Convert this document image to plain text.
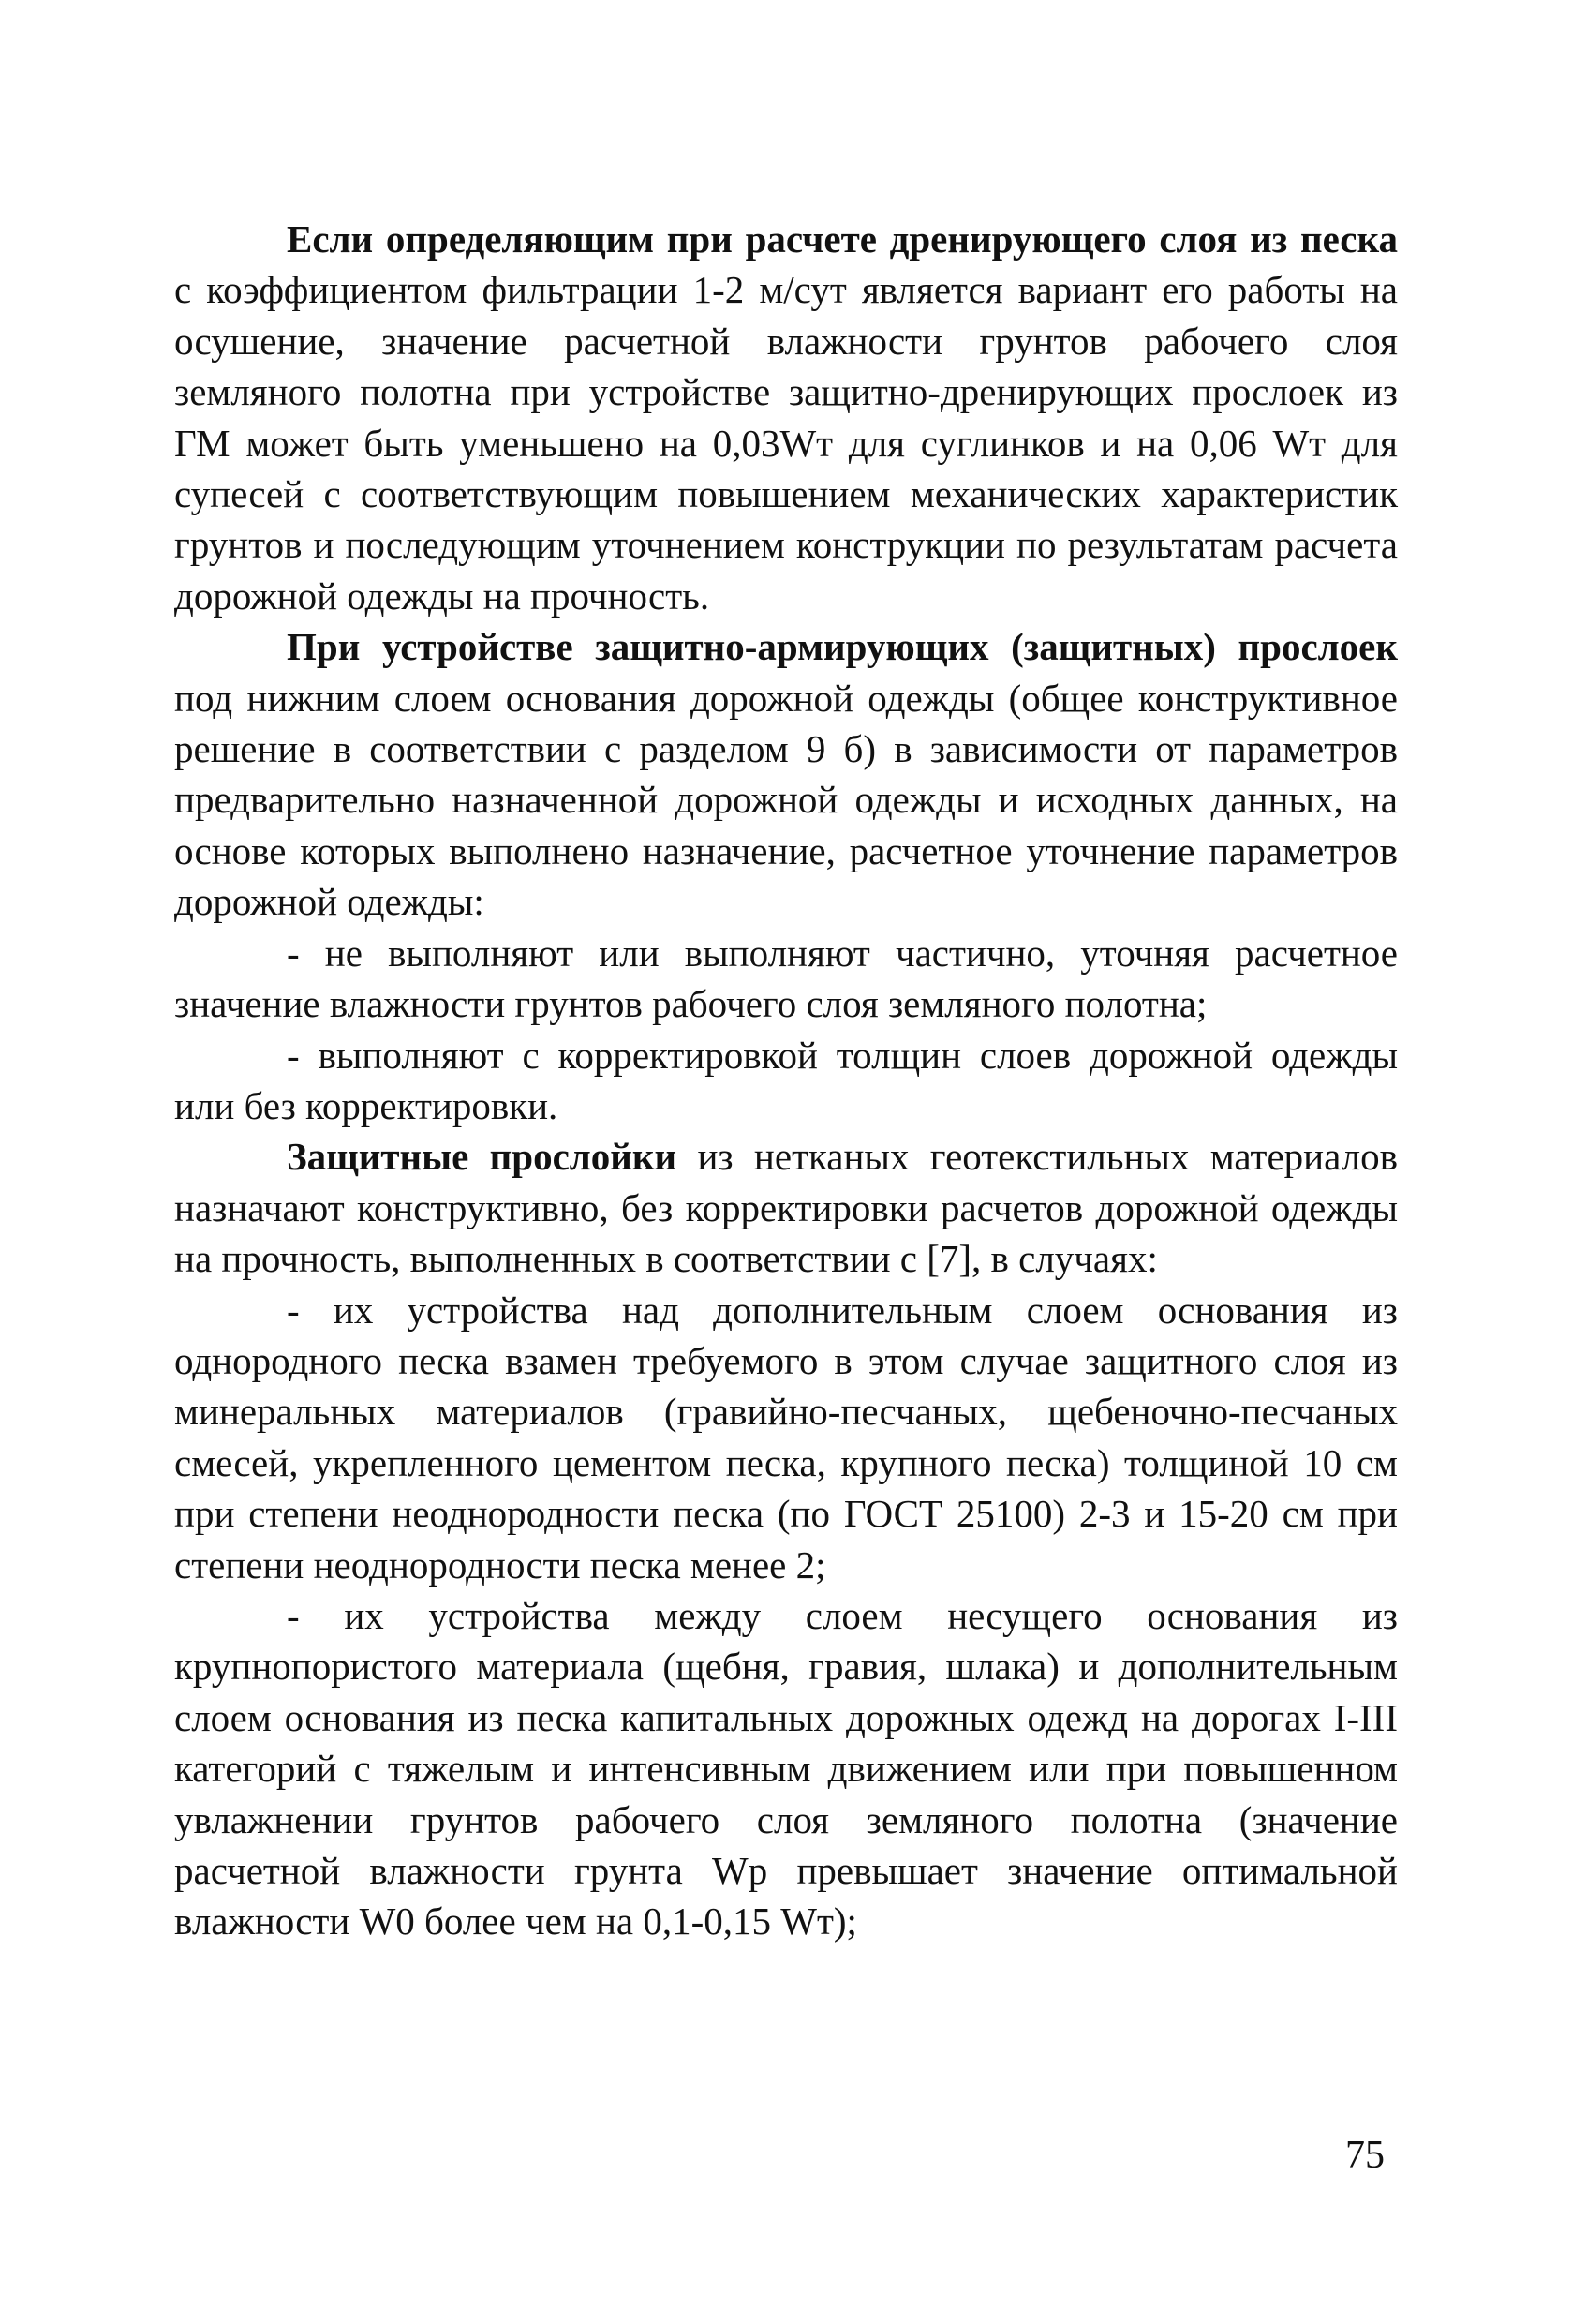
Если определяющим при расчете дренирующего слоя из песка с коэффициентом фильтрации 1-2 м/сут является вариант его работы на осушение, значение расчетной влажности грунтов рабочего слоя земляного полотна при устройстве защитно-дренирующих прослоек из ГМ может быть уменьшено на 0,03Wт для суглинков и на 0,06 Wт для супесей с соответствующим повышением механических характеристик грунтов и последующим уточнением конструкции по результатам расчета дорожной одежды на прочность.

При устройстве защитно-армирующих (защитных) прослоек под нижним слоем основания дорожной одежды (общее конструктивное решение в соответствии с разделом 9 б) в зависимости от параметров предварительно назначенной дорожной одежды и исходных данных, на основе которых выполнено назначение, расчетное уточнение параметров дорожной одежды:

- не выполняют или выполняют частично, уточняя расчетное значение влажности грунтов рабочего слоя земляного полотна;

- выполняют с корректировкой толщин слоев дорожной одежды или без корректировки.

Защитные прослойки из нетканых геотекстильных материалов назначают конструктивно, без корректировки расчетов дорожной одежды на прочность, выполненных в соответствии с [7], в случаях:

- их устройства над дополнительным слоем основания из однородного песка взамен требуемого в этом случае защитного слоя из минеральных материалов (гравийно-песчаных, щебеночно-песчаных смесей, укрепленного цементом песка, крупного песка) толщиной 10 см при степени неоднородности песка (по ГОСТ 25100) 2-3 и 15-20 см при степени неоднородности песка менее 2;

- их устройства между слоем несущего основания из крупнопористого материала (щебня, гравия, шлака) и дополнительным слоем основания из песка капитальных дорожных одежд на дорогах I-III категорий с тяжелым и интенсивным движением или при повышенном увлажнении грунтов рабочего слоя земляного полотна (значение расчетной влажности грунта Wр превышает значение оптимальной влажности W0 более чем на 0,1-0,15 Wт);

75
